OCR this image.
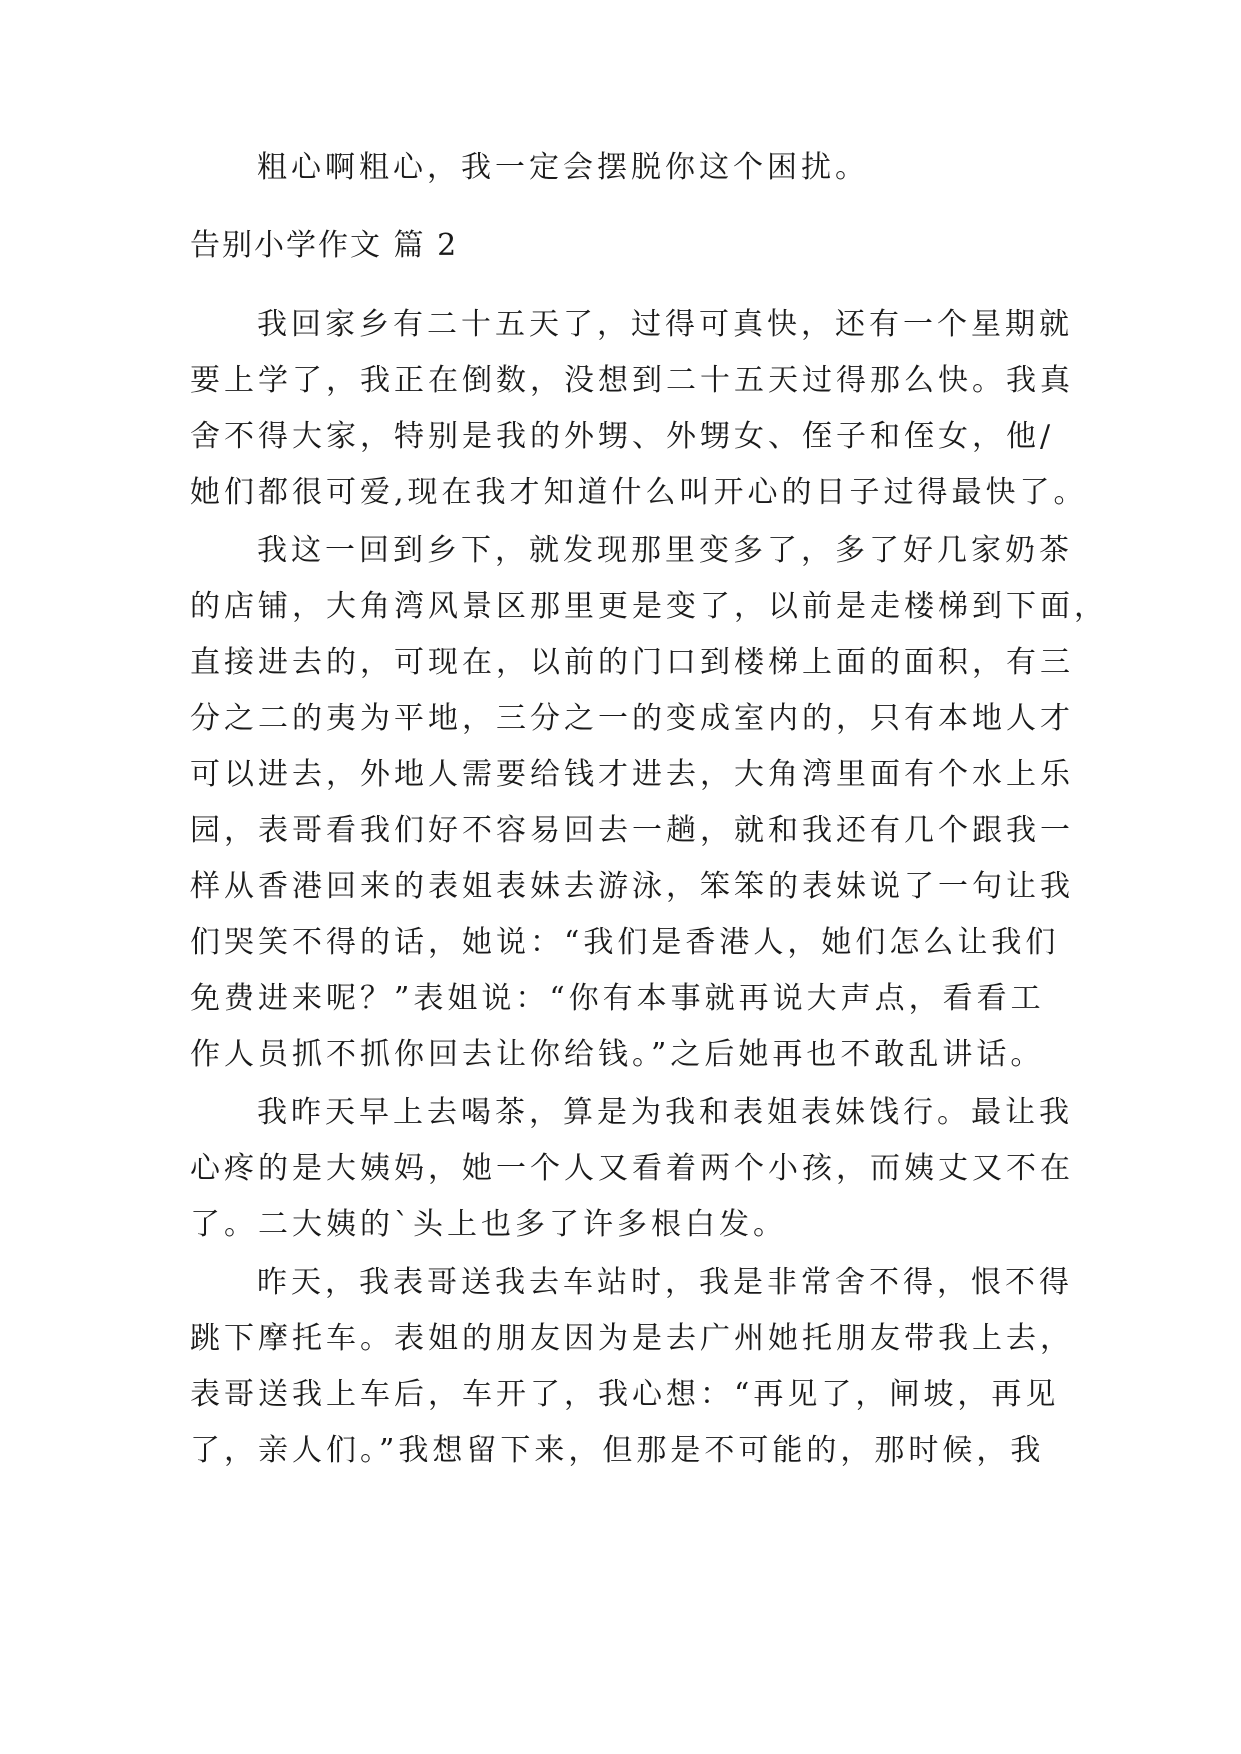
粗心啊粗心，我一定会摆脱你这个困扰。
告别小学作文 篇 2
我回家乡有二十五天了，过得可真快，还有一个星期就
要上学了，我正在倒数，没想到二十五天过得那么快。我真
舍不得大家，特别是我的外甥、外甥女、侄子和侄女，他/
她们都很可爱,现在我才知道什么叫开心的日子过得最快了。
我这一回到乡下，就发现那里变多了，多了好几家奶茶
的店铺，大角湾风景区那里更是变了，以前是走楼梯到下面，
直接进去的，可现在，以前的门口到楼梯上面的面积，有三
分之二的夷为平地，三分之一的变成室内的，只有本地人才
可以进去，外地人需要给钱才进去，大角湾里面有个水上乐
园，表哥看我们好不容易回去一趟，就和我还有几个跟我一
样从香港回来的表姐表妹去游泳，笨笨的表妹说了一句让我
们哭笑不得的话，她说：“我们是香港人，她们怎么让我们
免费进来呢？”表姐说：“你有本事就再说大声点，看看工
作人员抓不抓你回去让你给钱。”之后她再也不敢乱讲话。
我昨天早上去喝茶，算是为我和表姐表妹饯行。最让我
心疼的是大姨妈，她一个人又看着两个小孩，而姨丈又不在
了。二大姨的`头上也多了许多根白发。
昨天，我表哥送我去车站时，我是非常舍不得，恨不得
跳下摩托车。表姐的朋友因为是去广州她托朋友带我上去，
表哥送我上车后，车开了，我心想：“再见了，闸坡，再见
了，亲人们。”我想留下来，但那是不可能的，那时候，我
